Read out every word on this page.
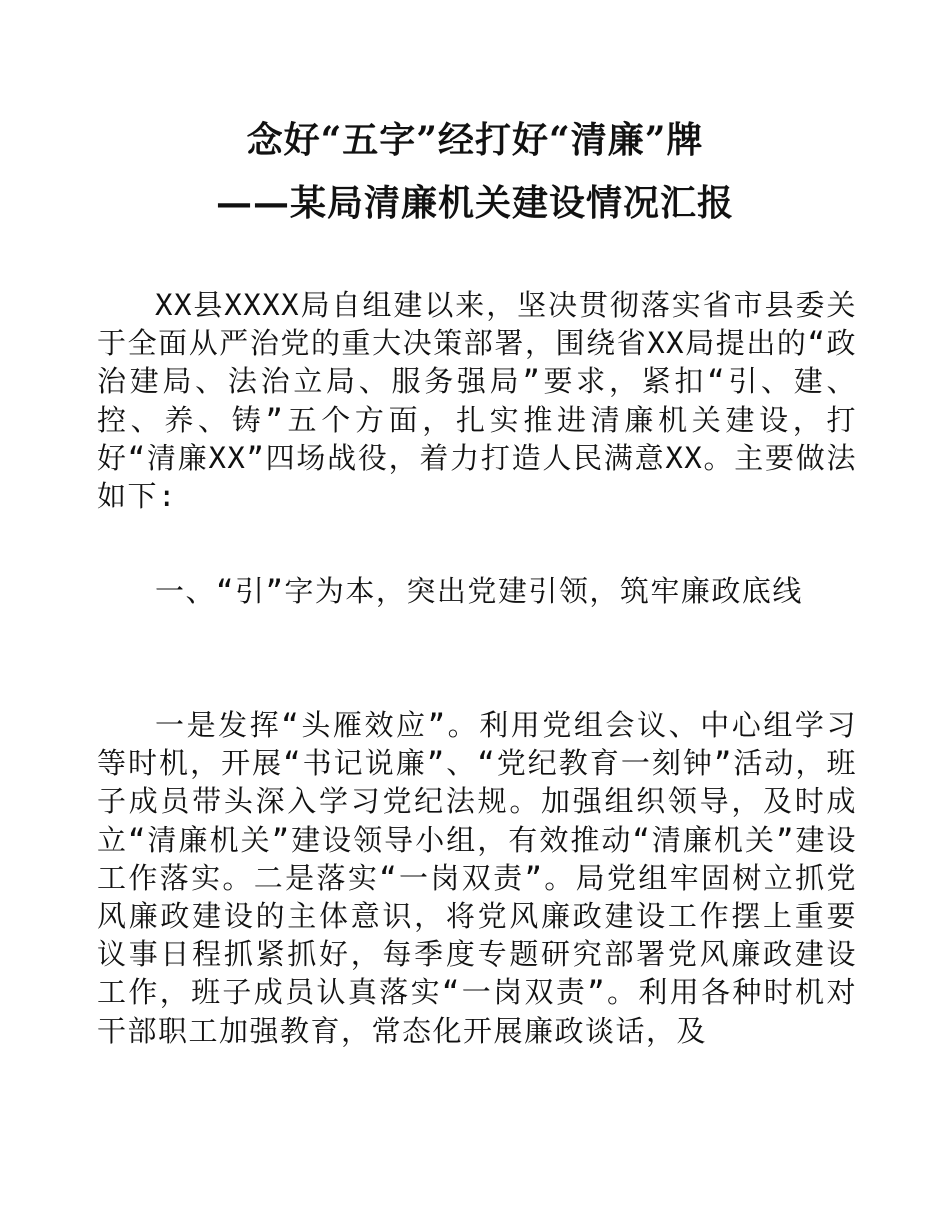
念好“五字”经打好“清廉”牌
——某局清廉机关建设情况汇报

XX县XXXX局自组建以来，坚决贯彻落实省市县委关于全面从严治党的重大决策部署，围绕省XX局提出的“政治建局、法治立局、服务强局”要求，紧扣“引、建、控、养、铸”五个方面，扎实推进清廉机关建设，打好“清廉XX”四场战役，着力打造人民满意XX。主要做法如下:

一、“引”字为本，突出党建引领，筑牢廉政底线

一是发挥“头雁效应”。利用党组会议、中心组学习等时机，开展“书记说廉”、“党纪教育一刻钟”活动，班子成员带头深入学习党纪法规。加强组织领导，及时成立“清廉机关”建设领导小组，有效推动“清廉机关”建设工作落实。二是落实“一岗双责”。局党组牢固树立抓党风廉政建设的主体意识，将党风廉政建设工作摆上重要议事日程抓紧抓好，每季度专题研究部署党风廉政建设工作，班子成员认真落实“一岗双责”。利用各种时机对干部职工加强教育，常态化开展廉政谈话，及
